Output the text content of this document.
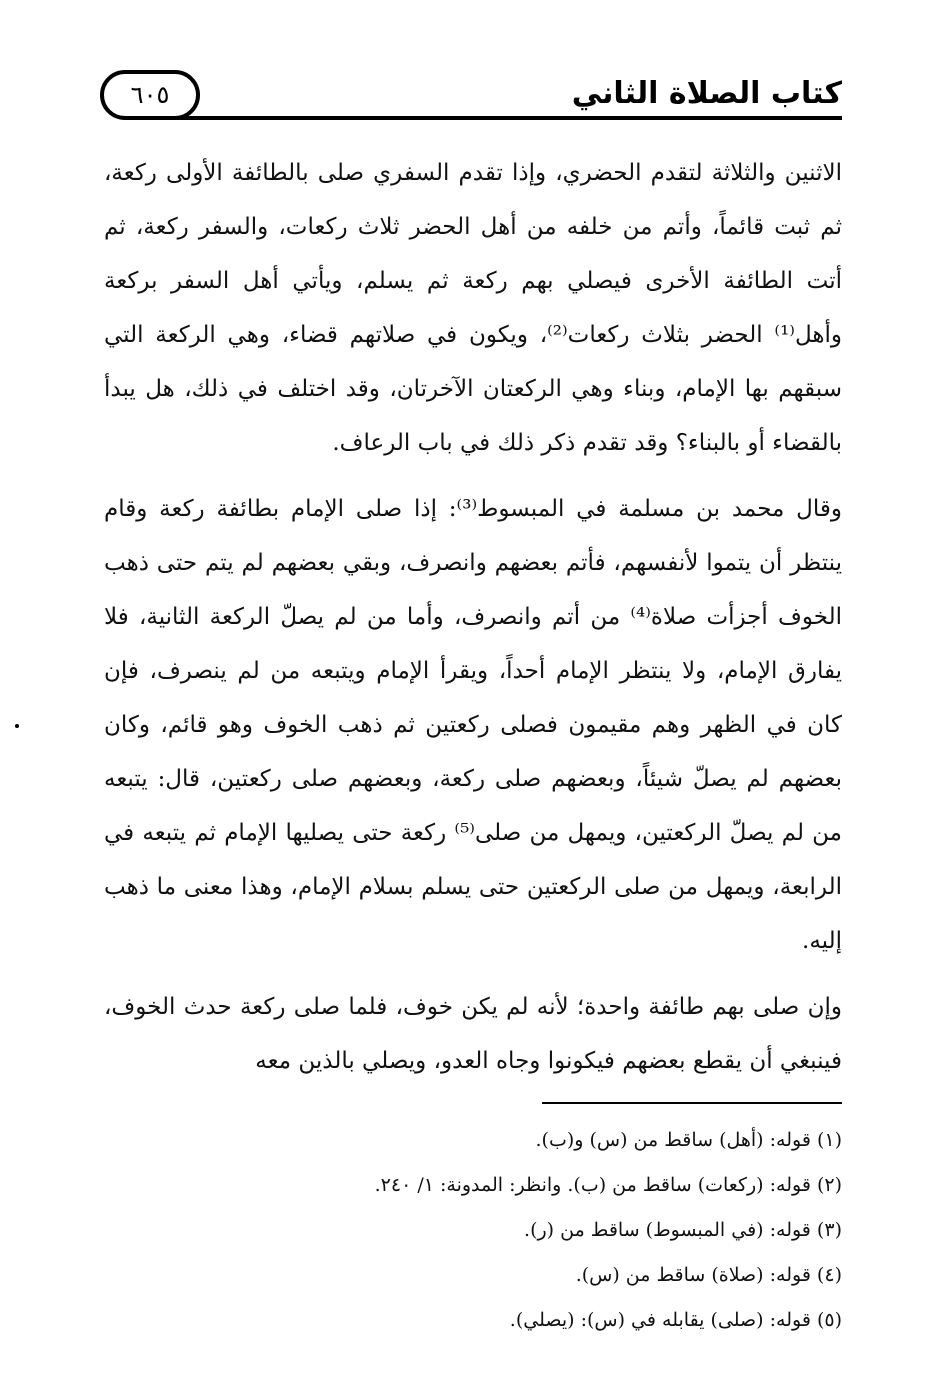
كتاب الصلاة الثاني
٦٠٥

الاثنين والثلاثة لتقدم الحضري، وإذا تقدم السفري صلى بالطائفة الأولى ركعة، ثم ثبت قائماً، وأتم من خلفه من أهل الحضر ثلاث ركعات، والسفر ركعة، ثم أتت الطائفة الأخرى فيصلي بهم ركعة ثم يسلم، ويأتي أهل السفر بركعة وأهل⁽¹⁾ الحضر بثلاث ركعات⁽²⁾، ويكون في صلاتهم قضاء، وهي الركعة التي سبقهم بها الإمام، وبناء وهي الركعتان الآخرتان، وقد اختلف في ذلك، هل يبدأ بالقضاء أو بالبناء؟ وقد تقدم ذكر ذلك في باب الرعاف.

وقال محمد بن مسلمة في المبسوط⁽³⁾: إذا صلى الإمام بطائفة ركعة وقام ينتظر أن يتموا لأنفسهم، فأتم بعضهم وانصرف، وبقي بعضهم لم يتم حتى ذهب الخوف أجزأت صلاة⁽⁴⁾ من أتم وانصرف، وأما من لم يصلّ الركعة الثانية، فلا يفارق الإمام، ولا ينتظر الإمام أحداً، ويقرأ الإمام ويتبعه من لم ينصرف، فإن كان في الظهر وهم مقيمون فصلى ركعتين ثم ذهب الخوف وهو قائم، وكان بعضهم لم يصلّ شيئاً، وبعضهم صلى ركعة، وبعضهم صلى ركعتين، قال: يتبعه من لم يصلّ الركعتين، ويمهل من صلى⁽⁵⁾ ركعة حتى يصليها الإمام ثم يتبعه في الرابعة، ويمهل من صلى الركعتين حتى يسلم بسلام الإمام، وهذا معنى ما ذهب إليه.

وإن صلى بهم طائفة واحدة؛ لأنه لم يكن خوف، فلما صلى ركعة حدث الخوف، فينبغي أن يقطع بعضهم فيكونوا وجاه العدو، ويصلي بالذين معه

(١) قوله: (أهل) ساقط من (س) و(ب).
(٢) قوله: (ركعات) ساقط من (ب). وانظر: المدونة: ١/ ٢٤٠.
(٣) قوله: (في المبسوط) ساقط من (ر).
(٤) قوله: (صلاة) ساقط من (س).
(٥) قوله: (صلى) يقابله في (س): (يصلي).
